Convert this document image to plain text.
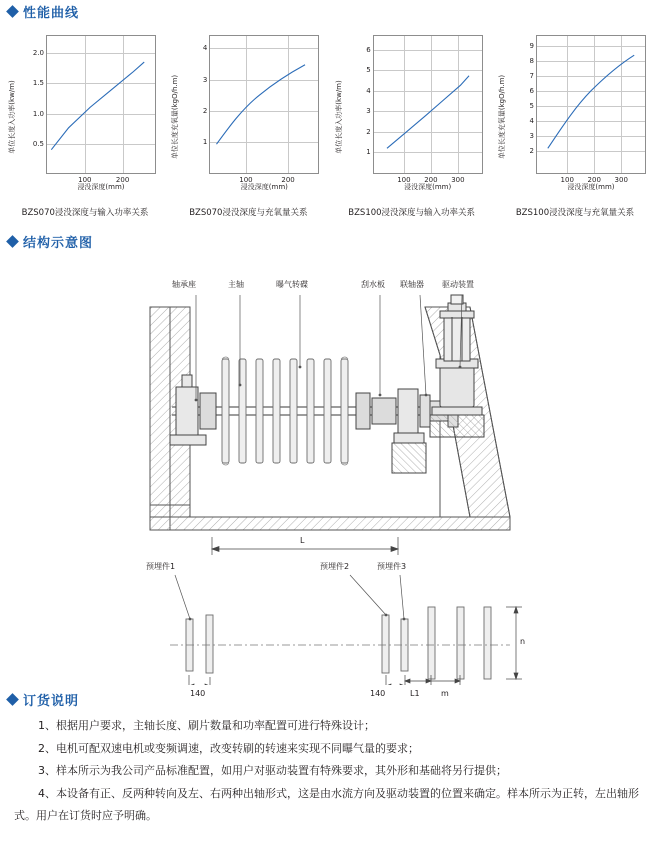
性能曲线
单位长度入功率(kw/m)
2.0
1.5
1.0
0.5
100	200
浸没深度(mm)
BZS070浸没深度与输入功率关系
单位长度充氧量(kgO/h.m)
4
3
2
1
100	200
浸没深度(mm)
BZS070浸没深度与充氧量关系
单位长度入功率(kw/m)
6
5
4
3
2
1
100 200 300
浸没深度(mm)
BZS100浸没深度与输入功率关系
单位长度充氧量(kgO/h.m)
9
8
7
6
5
4
3
2
100 200 300
浸没深度(mm)
BZS100浸没深度与充氧量关系
结构示意图
轴承座	主轴	曝气转碟	刮水板 联轴器 驱动装置
预埋件1	预埋件2	预埋件3
L
140	140	L1	m
n
订货说明
1、根据用户要求，主轴长度、刷片数量和功率配置可进行特殊设计；
2、电机可配双速电机或变频调速，改变转刷的转速来实现不同曝气量的要求；
3、样本所示为我公司产品标准配置，如用户对驱动装置有特殊要求，其外形和基础将另行提供；
4、本设备有正、反两种转向及左、右两种出轴形式，这是由水流方向及驱动装置的位置来确定。样本所示为正转，左出轴形式。用户在订货时应予明确。
